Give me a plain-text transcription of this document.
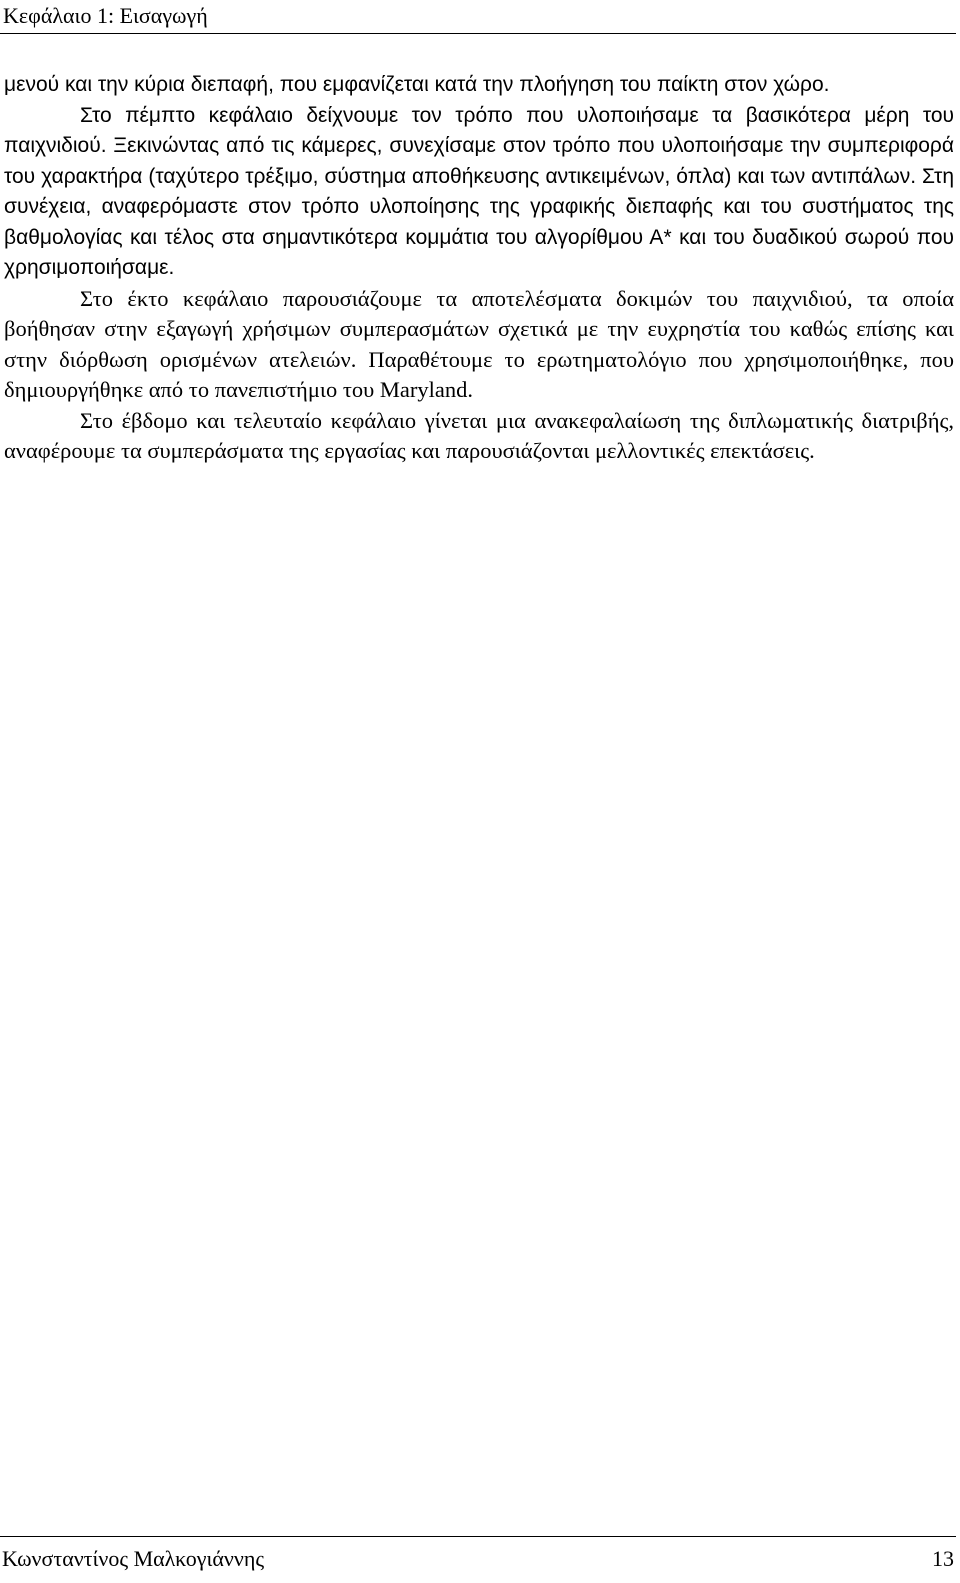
Κεφάλαιο 1: Εισαγωγή

μενού και την κύρια διεπαφή, που εμφανίζεται κατά την πλοήγηση του παίκτη στον χώρο.

Στο πέμπτο κεφάλαιο δείχνουμε τον τρόπο που υλοποιήσαμε τα βασικότερα μέρη του παιχνιδιού. Ξεκινώντας από τις κάμερες, συνεχίσαμε στον τρόπο που υλοποιήσαμε την συμπεριφορά του χαρακτήρα (ταχύτερο τρέξιμο, σύστημα αποθήκευσης αντικειμένων, όπλα) και των αντιπάλων. Στη συνέχεια, αναφερόμαστε στον τρόπο υλοποίησης της γραφικής διεπαφής και του συστήματος της βαθμολογίας και τέλος στα σημαντικότερα κομμάτια του αλγορίθμου Α* και του δυαδικού σωρού που χρησιμοποιήσαμε.

Στο έκτο κεφάλαιο παρουσιάζουμε τα αποτελέσματα δοκιμών του παιχνιδιού, τα οποία βοήθησαν στην εξαγωγή χρήσιμων συμπερασμάτων σχετικά με την ευχρηστία του καθώς επίσης και στην διόρθωση ορισμένων ατελειών. Παραθέτουμε το ερωτηματολόγιο που χρησιμοποιήθηκε, που δημιουργήθηκε από το πανεπιστήμιο του Maryland.

Στο έβδομο και τελευταίο κεφάλαιο γίνεται μια ανακεφαλαίωση της διπλωματικής διατριβής, αναφέρουμε τα συμπεράσματα της εργασίας και παρουσιάζονται μελλοντικές επεκτάσεις.

Κωνσταντίνος Μαλκογιάννης	13
